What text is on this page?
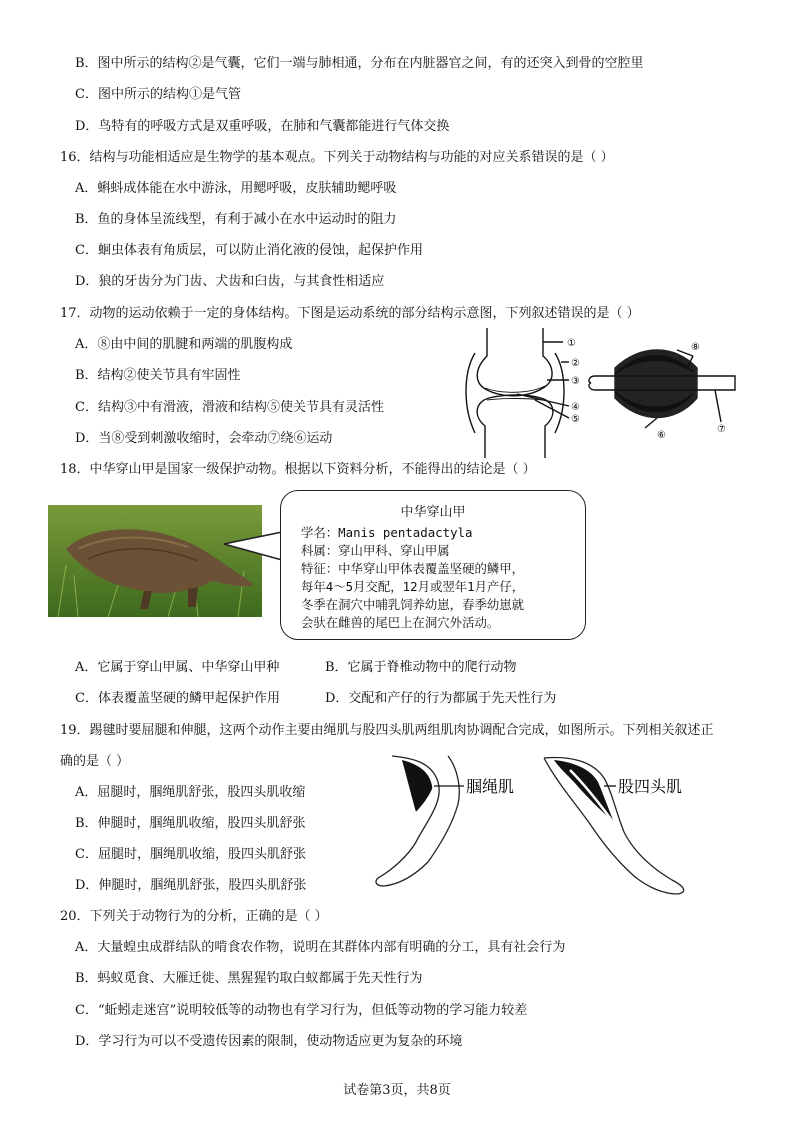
B．图中所示的结构②是气囊，它们一端与肺相通，分布在内脏器官之间，有的还突入到骨的空腔里
C．图中所示的结构①是气管
D．鸟特有的呼吸方式是双重呼吸，在肺和气囊都能进行气体交换
16．结构与功能相适应是生物学的基本观点。下列关于动物结构与功能的对应关系错误的是（ ）
A．蝌蚪成体能在水中游泳，用鳃呼吸，皮肤辅助鳃呼吸
B．鱼的身体呈流线型，有利于减小在水中运动时的阻力
C．蛔虫体表有角质层，可以防止消化液的侵蚀，起保护作用
D．狼的牙齿分为门齿、犬齿和臼齿，与其食性相适应
17．动物的运动依赖于一定的身体结构。下图是运动系统的部分结构示意图，下列叙述错误的是（ ）
A．⑧由中间的肌腱和两端的肌腹构成
B．结构②使关节具有牢固性
C．结构③中有滑液，滑液和结构⑤使关节具有灵活性
D．当⑧受到刺激收缩时，会牵动⑦绕⑥运动
①
②
③
④
⑤
⑧
⑥
⑦
18．中华穿山甲是国家一级保护动物。根据以下资料分析，不能得出的结论是（ ）
中华穿山甲
学名：Manis pentadactyla
科属：穿山甲科、穿山甲属
特征：中华穿山甲体表覆盖坚硬的鳞甲，
每年4～5月交配，12月或翌年1月产仔，
冬季在洞穴中哺乳饲养幼崽，春季幼崽就
会驮在雌兽的尾巴上在洞穴外活动。
A．它属于穿山甲属、中华穿山甲种	B．它属于脊椎动物中的爬行动物
C．体表覆盖坚硬的鳞甲起保护作用	D．交配和产仔的行为都属于先天性行为
19．踢毽时要屈腿和伸腿，这两个动作主要由绳肌与股四头肌两组肌肉协调配合完成，如图所示。下列相关叙述正
确的是（ ）
A．屈腿时，腘绳肌舒张，股四头肌收缩
B．伸腿时，腘绳肌收缩，股四头肌舒张
C．屈腿时，腘绳肌收缩，股四头肌舒张
D．伸腿时，腘绳肌舒张，股四头肌舒张
腘绳肌	股四头肌
20．下列关于动物行为的分析，正确的是（ ）
A．大量蝗虫成群结队的啃食农作物，说明在其群体内部有明确的分工，具有社会行为
B．蚂蚁觅食、大雁迁徙、黑猩猩钓取白蚁都属于先天性行为
C．“蚯蚓走迷宫”说明较低等的动物也有学习行为，但低等动物的学习能力较差
D．学习行为可以不受遗传因素的限制，使动物适应更为复杂的环境
试卷第3页，共8页
